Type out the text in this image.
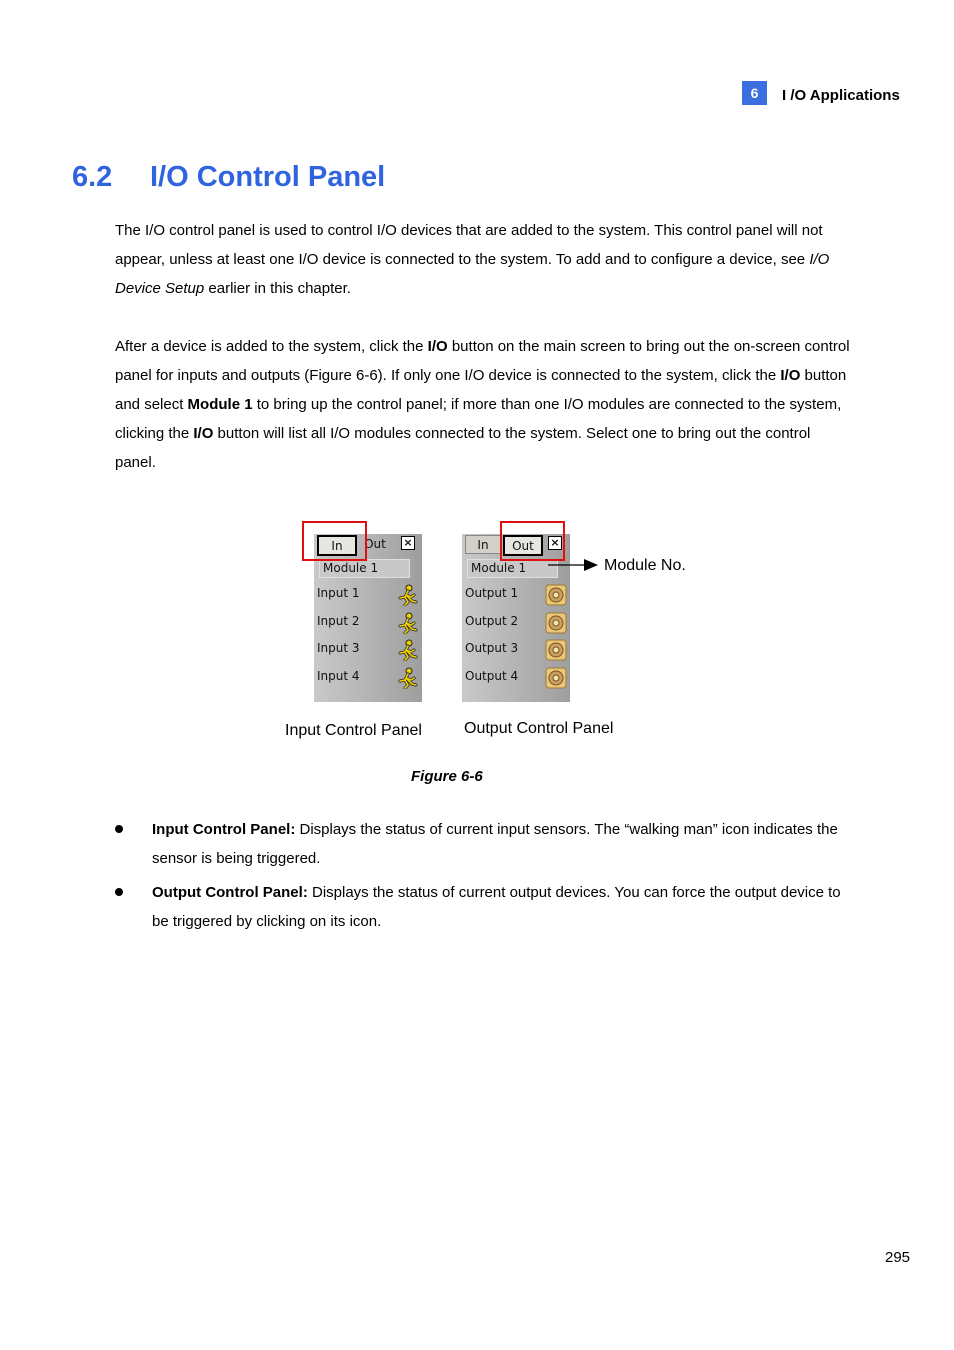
6	I /O Applications
6.2 I/O Control Panel
The I/O control panel is used to control I/O devices that are added to the system. This control panel will not appear, unless at least one I/O device is connected to the system. To add and to configure a device, see I/O Device Setup earlier in this chapter.
After a device is added to the system, click the I/O button on the main screen to bring out the on-screen control panel for inputs and outputs (Figure 6-6). If only one I/O device is connected to the system, click the I/O button and select Module 1 to bring up the control panel; if more than one I/O modules are connected to the system, clicking the I/O button will list all I/O modules connected to the system. Select one to bring out the control panel.
In	Out ×
Module 1
Input 1
Input 2
Input 3
Input 4
In	Out	×
Module 1
Output 1
Output 2
Output 3
Output 4
Module No.
Input Control Panel	Output Control Panel
Figure 6-6
Input Control Panel: Displays the status of current input sensors. The “walking man” icon indicates the sensor is being triggered.
Output Control Panel: Displays the status of current output devices. You can force the output device to be triggered by clicking on its icon.
295
